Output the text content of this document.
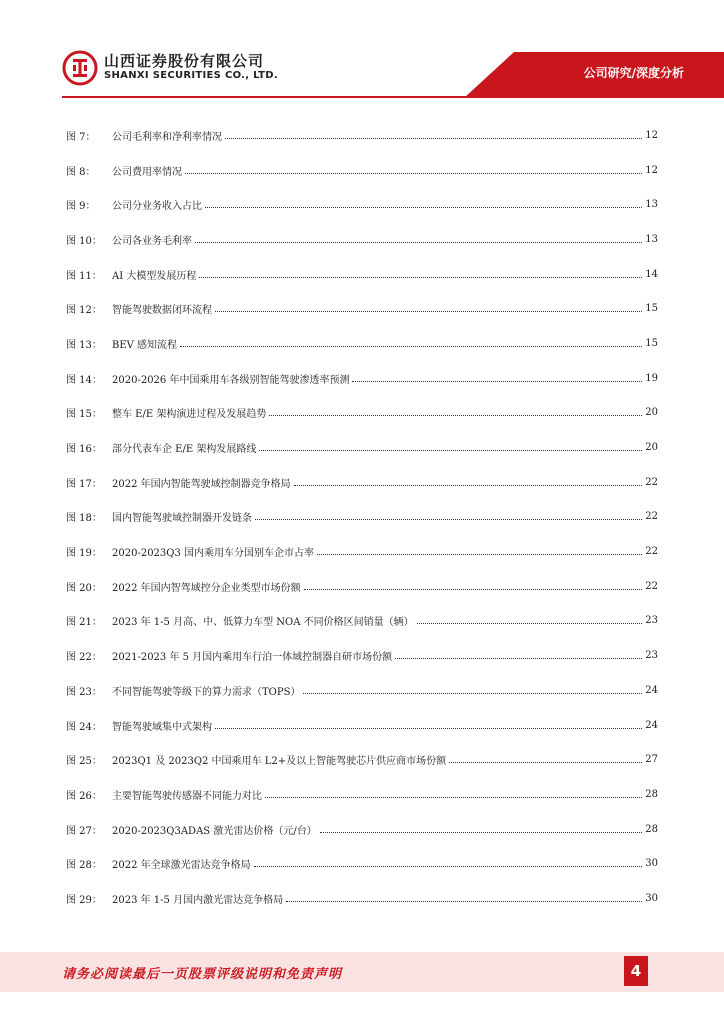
山西证券股份有限公司
SHANXI SECURITIES CO., LTD.	公司研究/深度分析
图 7：	公司毛利率和净利率情况	12
图 8：	公司费用率情况	12
图 9：	公司分业务收入占比	13
图 10：	公司各业务毛利率	13
图 11：	AI 大模型发展历程	14
图 12：	智能驾驶数据闭环流程	15
图 13：	BEV 感知流程	15
图 14：	2020-2026 年中国乘用车各级别智能驾驶渗透率预测	19
图 15：	整车 E/E 架构演进过程及发展趋势	20
图 16：	部分代表车企 E/E 架构发展路线	20
图 17：	2022 年国内智能驾驶域控制器竞争格局	22
图 18：	国内智能驾驶域控制器开发链条	22
图 19：	2020-2023Q3 国内乘用车分国别车企市占率	22
图 20：	2022 年国内智驾域控分企业类型市场份额	22
图 21：	2023 年 1-5 月高、中、低算力车型 NOA 不同价格区间销量（辆）	23
图 22：	2021-2023 年 5 月国内乘用车行泊一体域控制器自研市场份额	23
图 23：	不同智能驾驶等级下的算力需求（TOPS）	24
图 24：	智能驾驶域集中式架构	24
图 25：	2023Q1 及 2023Q2 中国乘用车 L2+及以上智能驾驶芯片供应商市场份额	27
图 26：	主要智能驾驶传感器不同能力对比	28
图 27：	2020-2023Q3ADAS 激光雷达价格（元/台）	28
图 28：	2022 年全球激光雷达竞争格局	30
图 29：	2023 年 1-5 月国内激光雷达竞争格局	30
请务必阅读最后一页股票评级说明和免责声明	4
